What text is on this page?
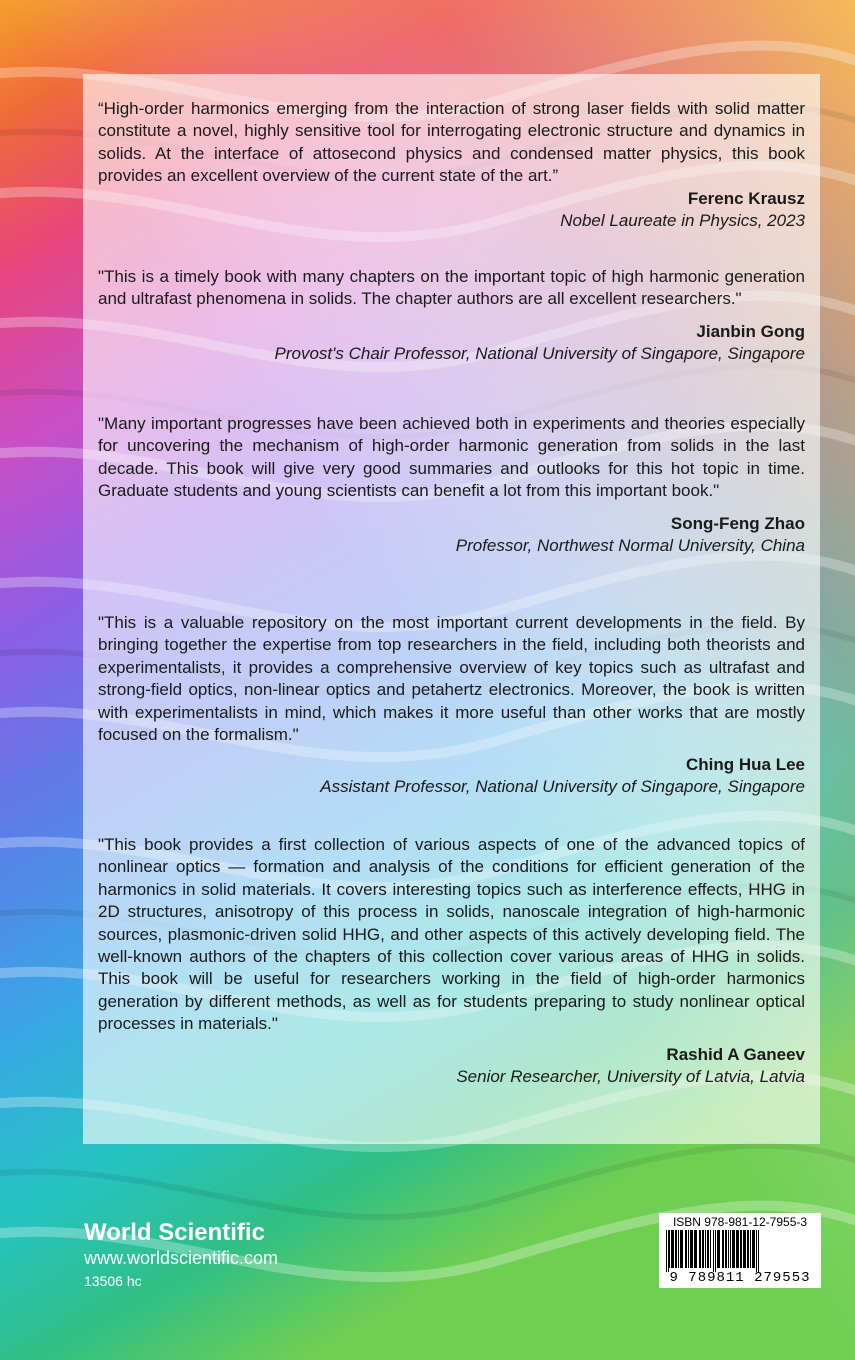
“High-order harmonics emerging from the interaction of strong laser fields with solid matter constitute a novel, highly sensitive tool for interrogating electronic structure and dynamics in solids. At the interface of attosecond physics and condensed matter physics, this book provides an excellent overview of the current state of the art.”

Ferenc Krausz

Nobel Laureate in Physics, 2023

"This is a timely book with many chapters on the important topic of high harmonic generation and ultrafast phenomena in solids. The chapter authors are all excellent researchers."

Jianbin Gong

Provost's Chair Professor, National University of Singapore, Singapore

"Many important progresses have been achieved both in experiments and theories especially for uncovering the mechanism of high-order harmonic generation from solids in the last decade. This book will give very good summaries and outlooks for this hot topic in time. Graduate students and young scientists can benefit a lot from this important book."

Song-Feng Zhao

Professor, Northwest Normal University, China

"This is a valuable repository on the most important current developments in the field. By bringing together the expertise from top researchers in the field, including both theorists and experimentalists, it provides a comprehensive overview of key topics such as ultrafast and strong-field optics, non-linear optics and petahertz electronics. Moreover, the book is written with experimentalists in mind, which makes it more useful than other works that are mostly focused on the formalism."

Ching Hua Lee

Assistant Professor, National University of Singapore, Singapore

"This book provides a first collection of various aspects of one of the advanced topics of nonlinear optics — formation and analysis of the conditions for efficient generation of the harmonics in solid materials. It covers interesting topics such as interference effects, HHG in 2D structures, anisotropy of this process in solids, nanoscale integration of high-harmonic sources, plasmonic-driven solid HHG, and other aspects of this actively developing field. The well-known authors of the chapters of this collection cover various areas of HHG in solids. This book will be useful for researchers working in the field of high-order harmonics generation by different methods, as well as for students preparing to study nonlinear optical processes in materials."

Rashid A Ganeev

Senior Researcher, University of Latvia, Latvia

World Scientific

www.worldscientific.com

13506 hc

ISBN 978-981-12-7955-3
9 789811 279553
